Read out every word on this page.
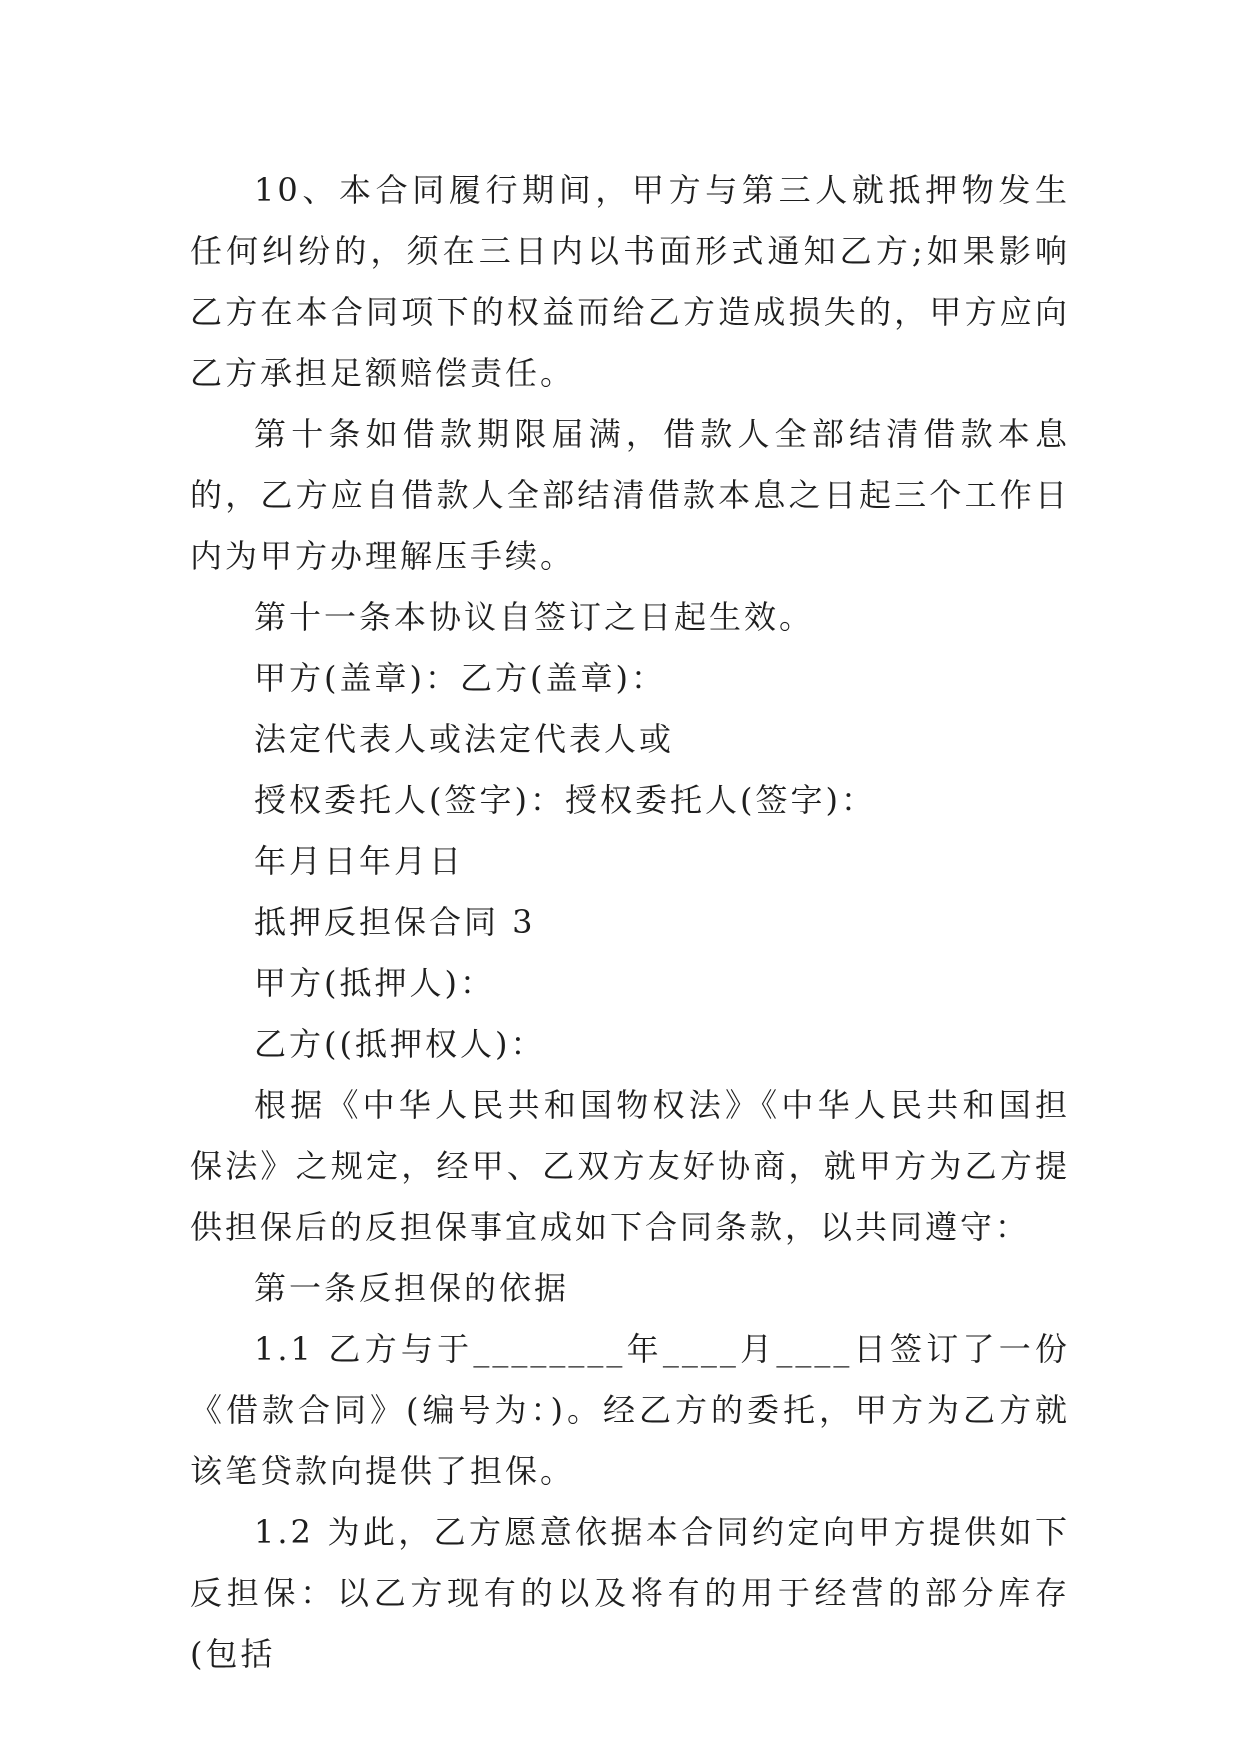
10、本合同履行期间，甲方与第三人就抵押物发生任何纠纷的，须在三日内以书面形式通知乙方;如果影响乙方在本合同项下的权益而给乙方造成损失的，甲方应向乙方承担足额赔偿责任。

第十条如借款期限届满，借款人全部结清借款本息的，乙方应自借款人全部结清借款本息之日起三个工作日内为甲方办理解压手续。

第十一条本协议自签订之日起生效。

甲方(盖章)：乙方(盖章)：

法定代表人或法定代表人或

授权委托人(签字)：授权委托人(签字)：

年月日年月日

抵押反担保合同 3

甲方(抵押人)：

乙方((抵押权人)：

根据《中华人民共和国物权法》《中华人民共和国担保法》之规定，经甲、乙双方友好协商，就甲方为乙方提供担保后的反担保事宜成如下合同条款，以共同遵守：

第一条反担保的依据

1.1 乙方与于________年____月____日签订了一份《借款合同》(编号为：)。经乙方的委托，甲方为乙方就该笔贷款向提供了担保。

1.2 为此，乙方愿意依据本合同约定向甲方提供如下反担保：以乙方现有的以及将有的用于经营的部分库存(包括
